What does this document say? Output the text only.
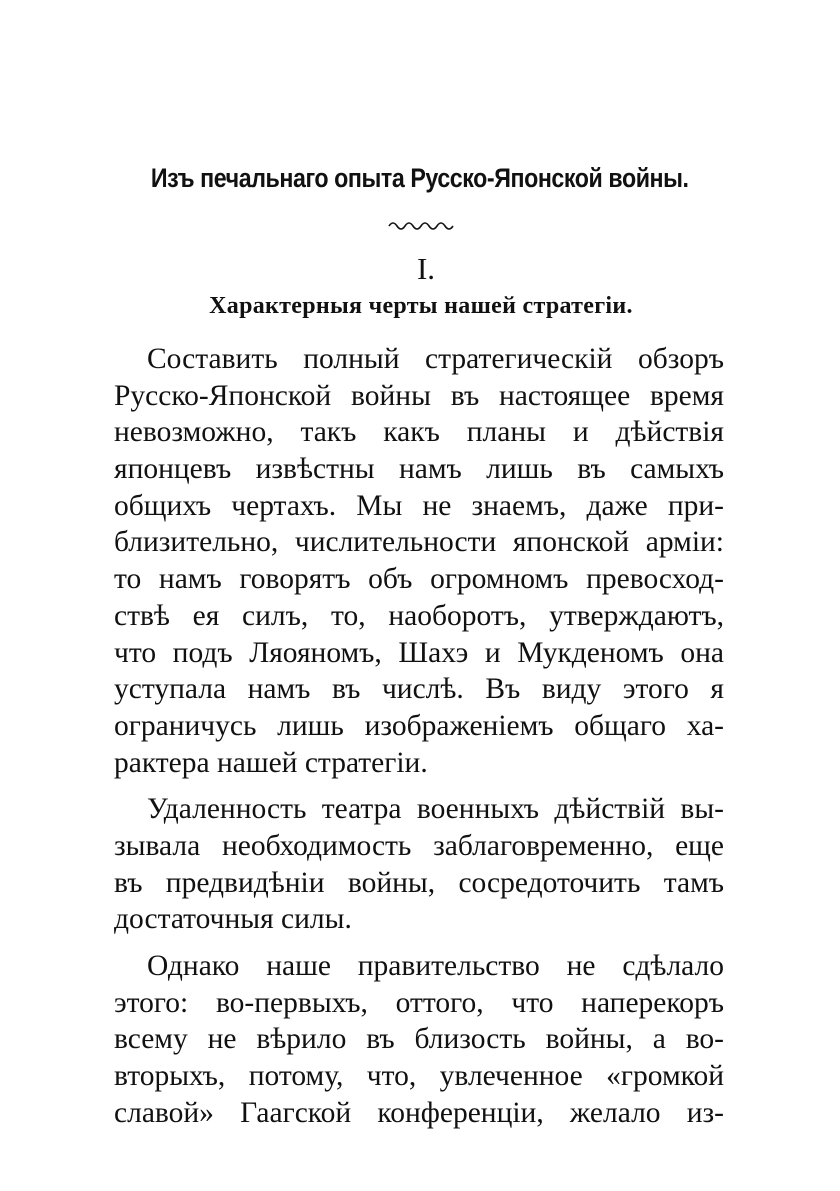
Изъ печальнаго опыта Русско-Японской войны.
I.
Характерныя черты нашей стратегіи.
Составить полный стратегическій обзоръ
Русско-Японской войны въ настоящее время
невозможно, такъ какъ планы и дѣйствія
японцевъ извѣстны намъ лишь въ самыхъ
общихъ чертахъ. Мы не знаемъ, даже при-
близительно, числительности японской арміи:
то намъ говорятъ объ огромномъ превосход-
ствѣ ея силъ, то, наоборотъ, утверждаютъ,
что подъ Ляояномъ, Шахэ и Мукденомъ она
уступала намъ въ числѣ. Въ виду этого я
ограничусь лишь изображеніемъ общаго ха-
рактера нашей стратегіи.
Удаленность театра военныхъ дѣйствій вы-
зывала необходимость заблаговременно, еще
въ предвидѣніи войны, сосредоточить тамъ
достаточныя силы.
Однако наше правительство не сдѣлало
этого: во-первыхъ, оттого, что наперекоръ
всему не вѣрило въ близость войны, а во-
вторыхъ, потому, что, увлеченное «громкой
славой» Гаагской конференціи, желало из-
